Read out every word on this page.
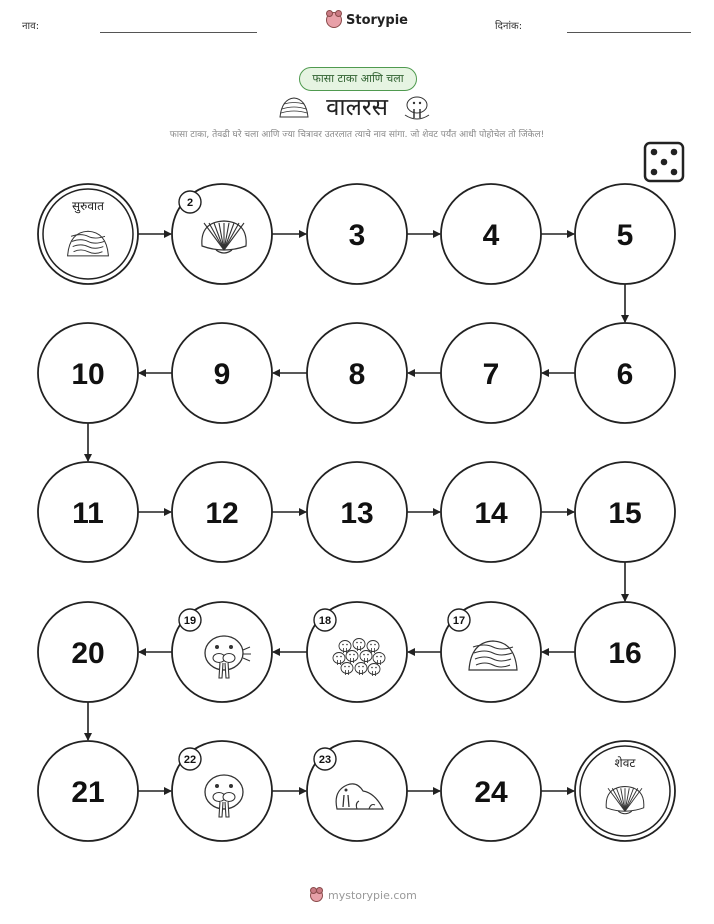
नाव:	Storypie	दिनांक:
फासा टाका आणि चला
वालरस
फासा टाका, तेवढी घरे चला आणि ज्या चित्रावर उतरलात त्याचे नाव सांगा. जो शेवट पर्यंत आधी पोहोचेल तो जिंकेल!
सुरुवात	2
3	4	5
6
7
8
9
10
11	12	13	14	15
16
17
18
19
20
21
22	23
24
शेवट
mystorypie.com
